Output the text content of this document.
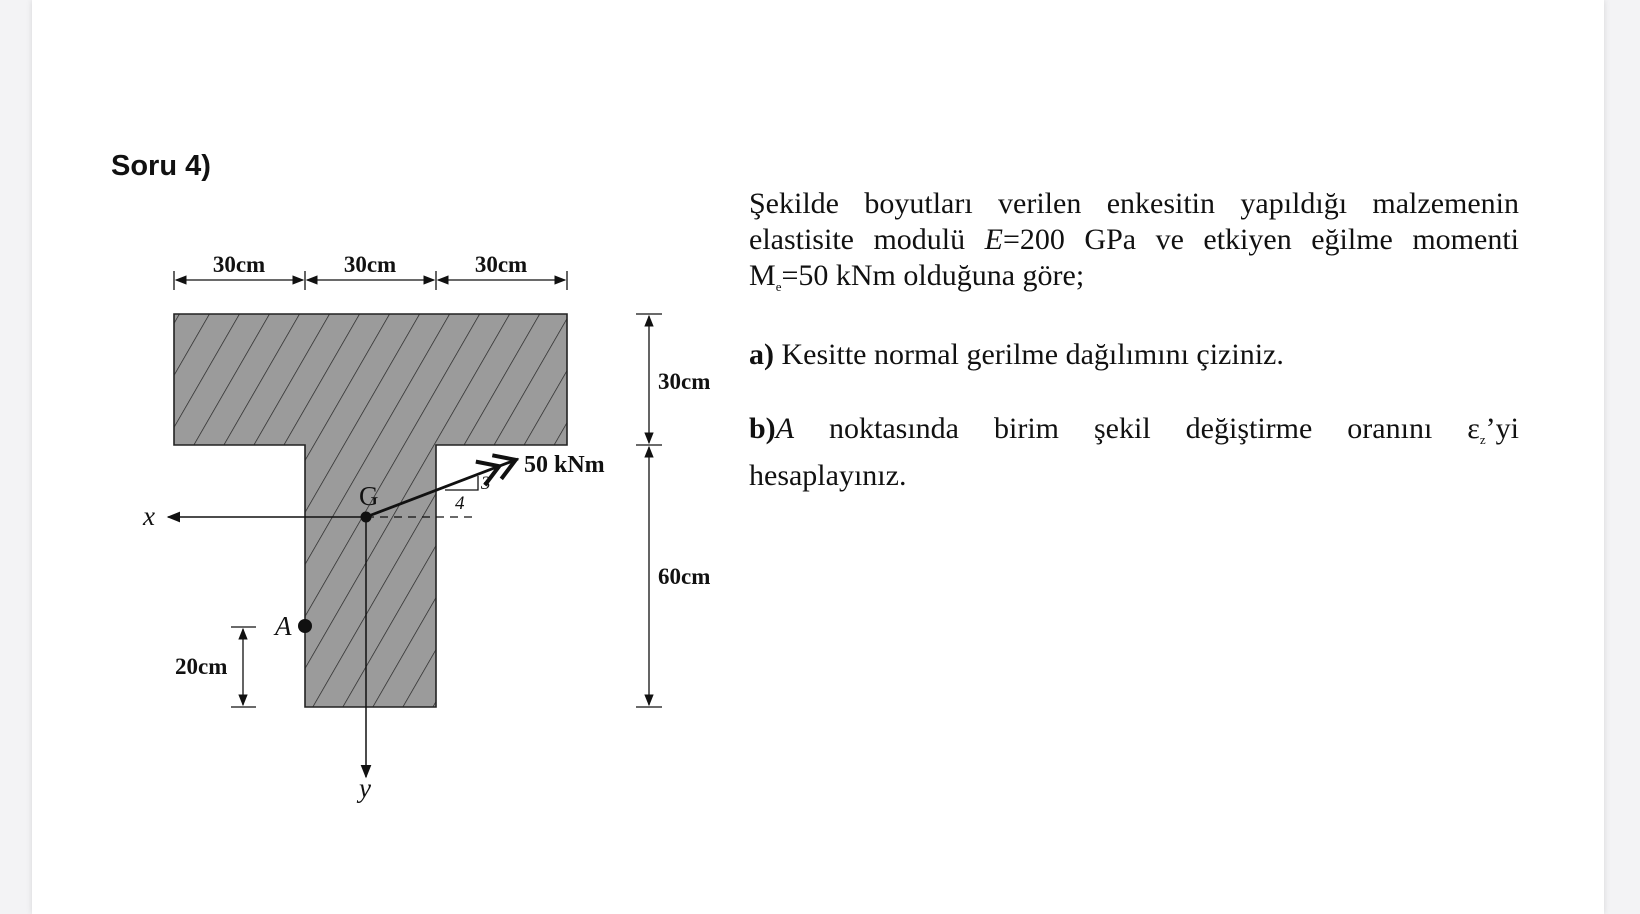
Soru 4)
30cm	30cm	30cm
30cm
60cm
20cm
x
y
50 kNm
4
3
G
A

Şekilde boyutları verilen enkesitin yapıldığı malzemenin

elastisite modulü E=200 GPa ve etkiyen eğilme momenti

$M_e=50$ kNm olduğuna göre;

a) Kesitte normal gerilme dağılımını çiziniz.

b)A noktasında birim şekil değiştirme oranını $\varepsilon_z’yi$

hesaplayınız.
